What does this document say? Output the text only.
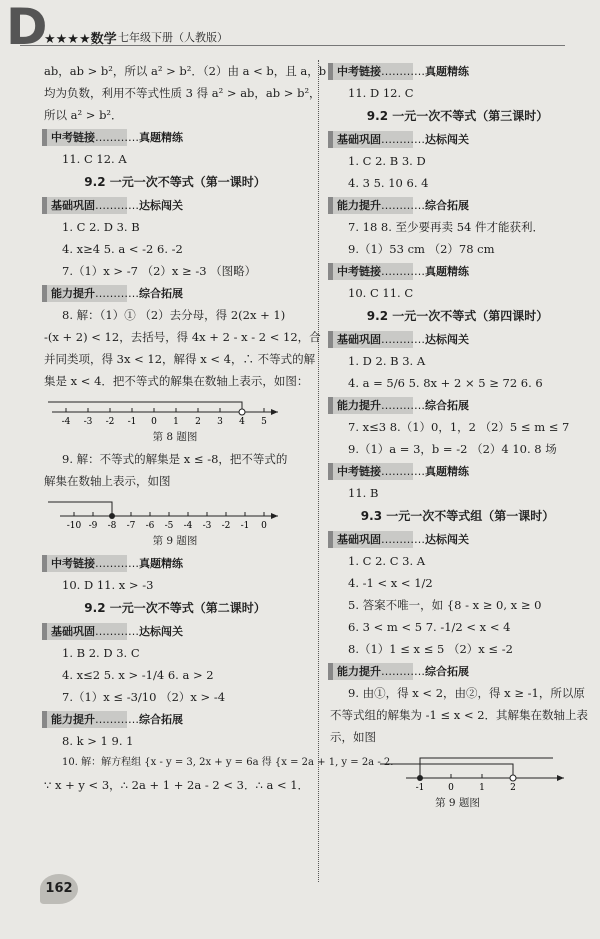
D
★★★★数学 七年级下册（人教版）
ab，ab > b²，所以 a² > b²．（2）由 a < b，且 a，b
均为负数，利用不等式性质 3 得 a² > ab，ab > b²，
所以 a² > b²．
中考链接…………真题精练
11. C 12. A
9.2 一元一次不等式（第一课时）
基础巩固…………达标闯关
1. C 2. D 3. B
4. x≥4 5. a < -2 6. -2
7.（1）x > -7 （2）x ≥ -3 （图略）
能力提升…………综合拓展
8. 解：（1）① （2）去分母，得 2(2x + 1)
-(x + 2) < 12，去括号，得 4x + 2 - x - 2 < 12，合
并同类项，得 3x < 12，解得 x < 4，∴ 不等式的解
集是 x < 4．把不等式的解集在数轴上表示，如图：
-4 -3 -2 -1 0 1 2 3 4 5
第 8 题图
9. 解：不等式的解集是 x ≤ -8，把不等式的
解集在数轴上表示，如图
-10 -9 -8 -7 -6 -5 -4 -3 -2 -1 0
第 9 题图
中考链接…………真题精练
10. D 11. x > -3
9.2 一元一次不等式（第二课时）
基础巩固…………达标闯关
1. B 2. D 3. C
4. x≤2 5. x > -1/4 6. a > 2
7.（1）x ≤ -3/10 （2）x > -4
能力提升…………综合拓展
8. k > 1 9. 1
10. 解：解方程组 {x - y = 3, 2x + y = 6a 得 {x = 2a + 1, y = 2a - 2．
∵ x + y < 3，∴ 2a + 1 + 2a - 2 < 3．∴ a < 1．
中考链接…………真题精练
11. D 12. C
9.2 一元一次不等式（第三课时）
基础巩固…………达标闯关
1. C 2. B 3. D
4. 3 5. 10 6. 4
能力提升…………综合拓展
7. 18 8. 至少要再卖 54 件才能获利．
9.（1）53 cm （2）78 cm
中考链接…………真题精练
10. C 11. C
9.2 一元一次不等式（第四课时）
基础巩固…………达标闯关
1. D 2. B 3. A
4. a = 5/6 5. 8x + 2 × 5 ≥ 72 6. 6
能力提升…………综合拓展
7. x≤3 8.（1）0，1，2 （2）5 ≤ m ≤ 7
9.（1）a = 3，b = -2 （2）4 10. 8 场
中考链接…………真题精练
11. B
9.3 一元一次不等式组（第一课时）
基础巩固…………达标闯关
1. C 2. C 3. A
4. -1 < x < 1/2
5. 答案不唯一，如 {8 - x ≥ 0, x ≥ 0
6. 3 < m < 5 7. -1/2 < x < 4
8.（1）1 ≤ x ≤ 5 （2）x ≤ -2
能力提升…………综合拓展
9. 由①，得 x < 2，由②，得 x ≥ -1，所以原
不等式组的解集为 -1 ≤ x < 2．其解集在数轴上表
示，如图
-1	0	1	2
第 9 题图
162
